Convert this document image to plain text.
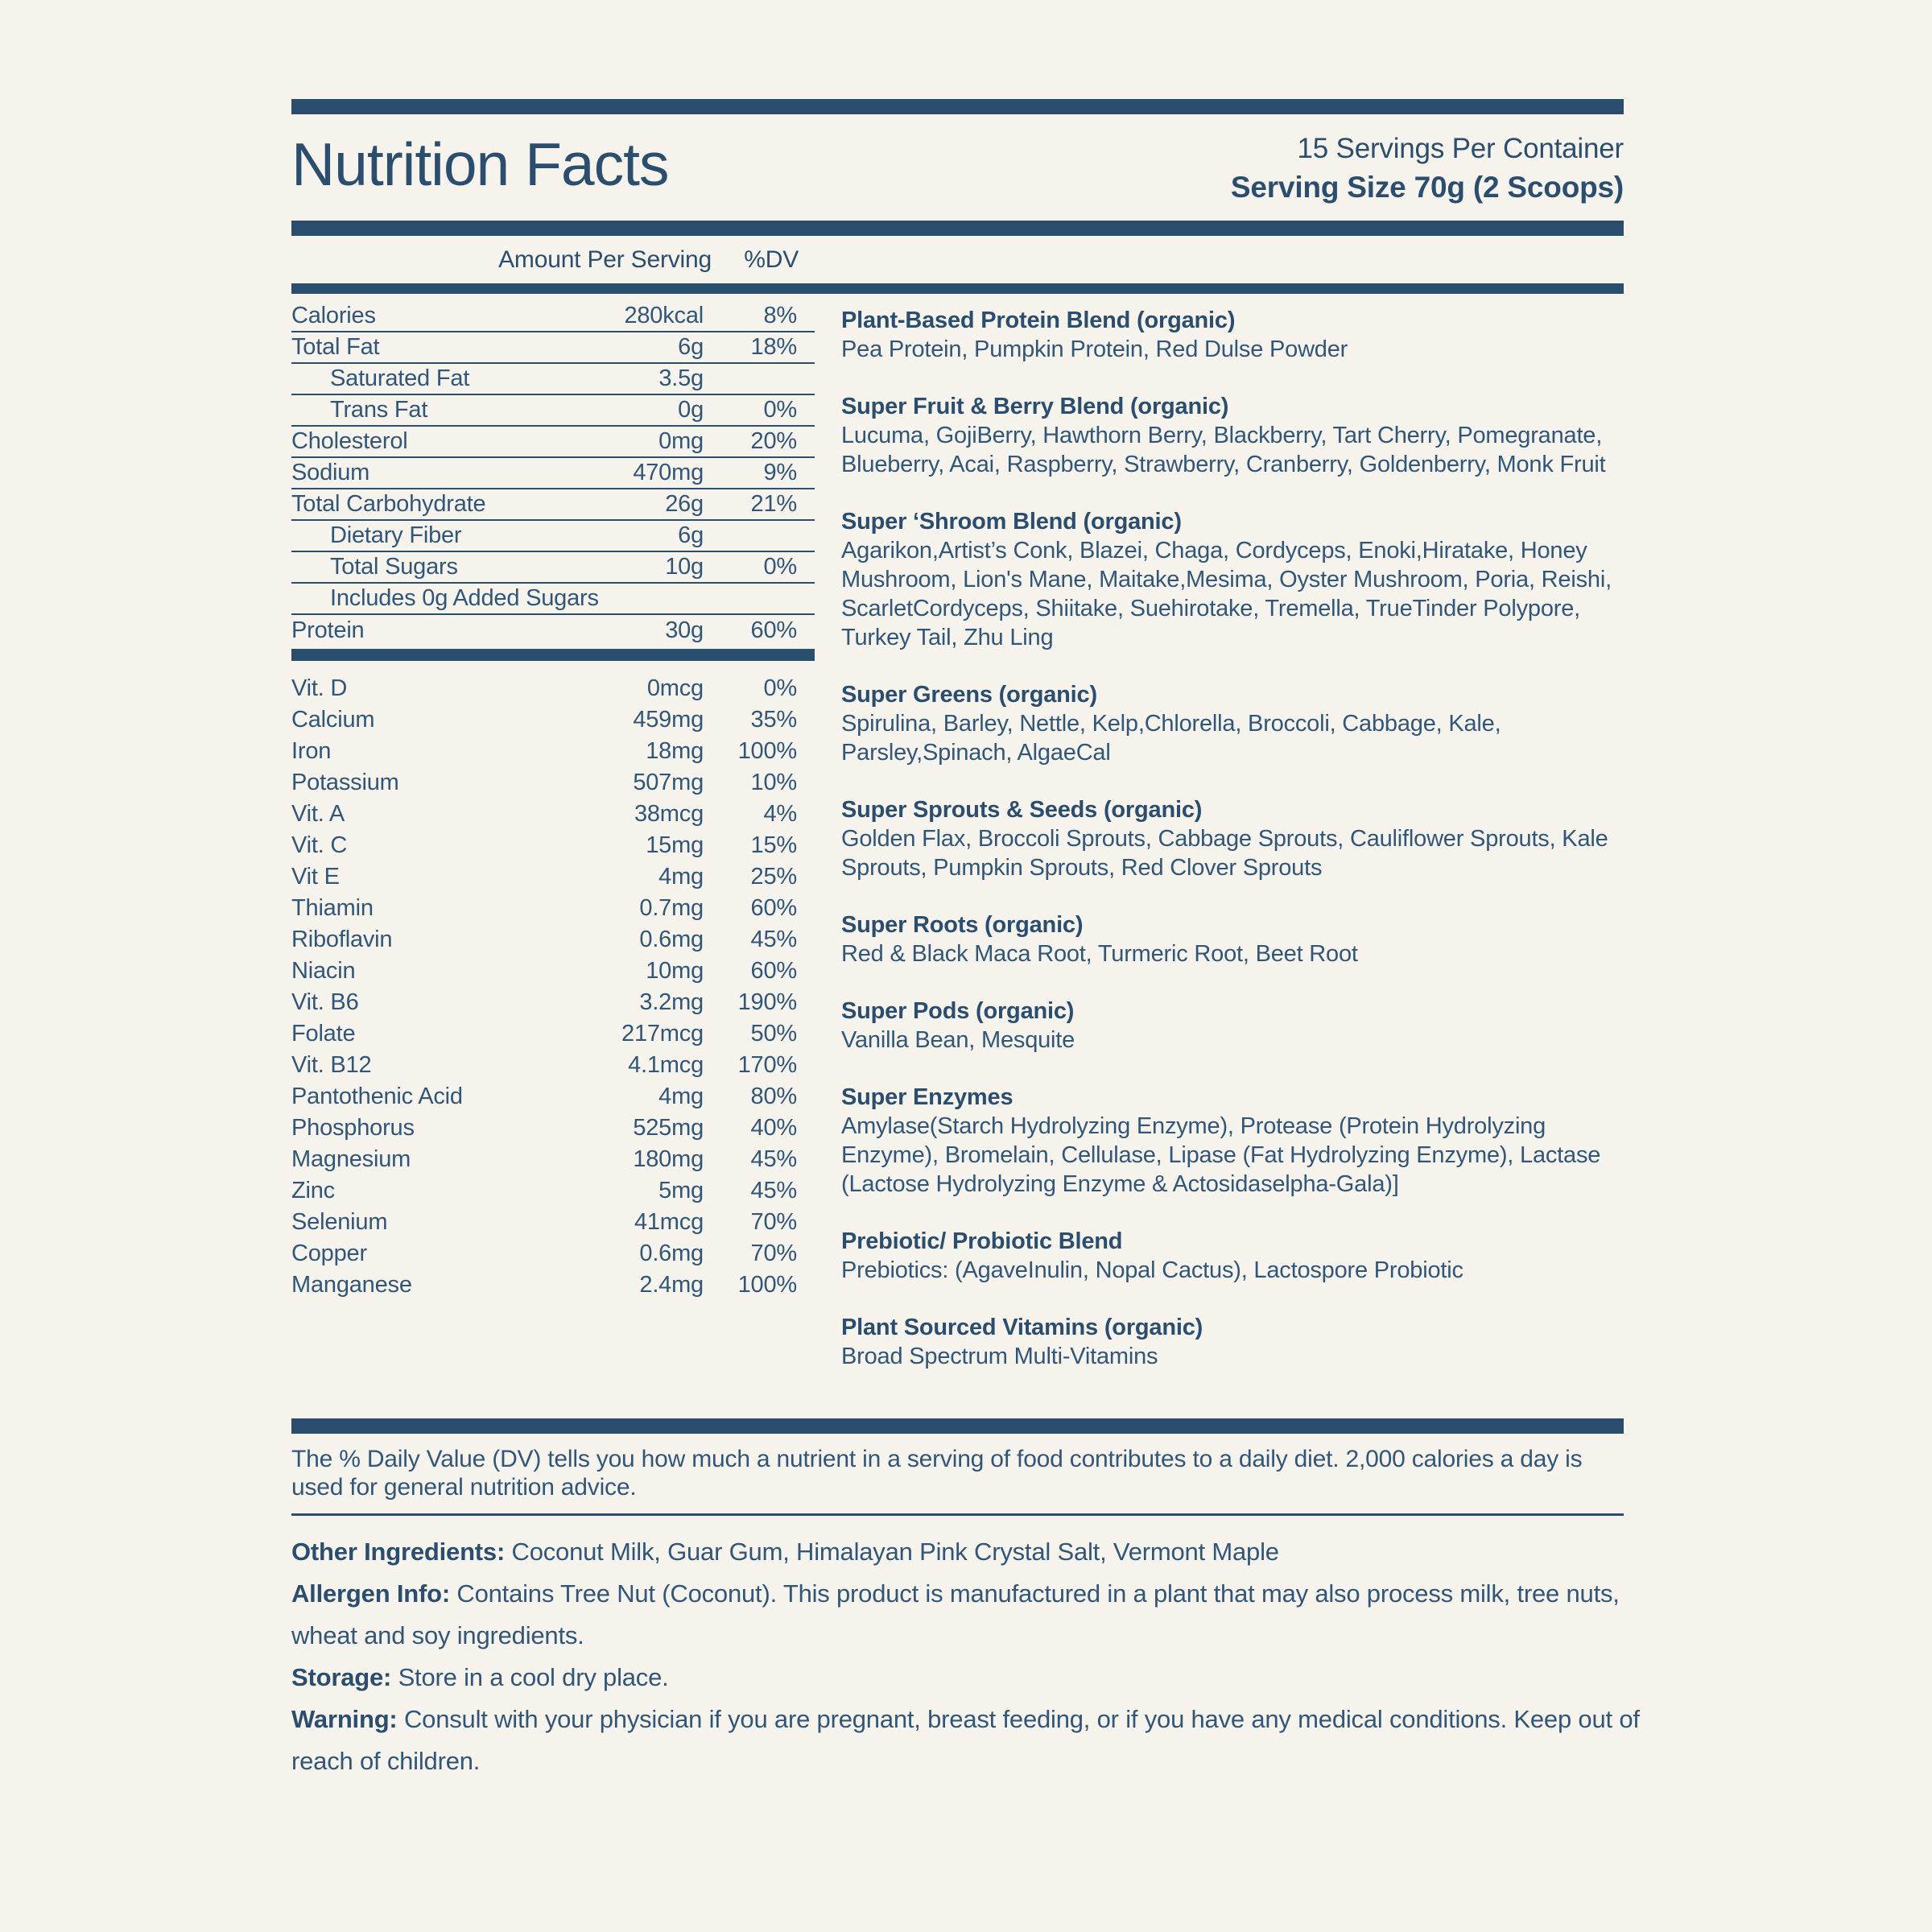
Nutrition Facts	15 Servings Per Container
Serving Size 70g (2 Scoops)
Amount Per Serving %DV
Calories	280kcal	8%
Total Fat	6g	18%
Saturated Fat	3.5g
Trans Fat	0g	0%
Cholesterol	0mg	20%
Sodium	470mg	9%
Total Carbohydrate	26g	21%
Dietary Fiber	6g
Total Sugars	10g	0%
Includes 0g Added Sugars
Protein	30g	60%
Vit. D	0mcg	0%
Calcium	459mg	35%
Iron	18mg	100%
Potassium	507mg	10%
Vit. A	38mcg	4%
Vit. C	15mg	15%
Vit E	4mg	25%
Thiamin	0.7mg	60%
Riboflavin	0.6mg	45%
Niacin	10mg	60%
Vit. B6	3.2mg	190%
Folate	217mcg	50%
Vit. B12	4.1mcg	170%
Pantothenic Acid	4mg	80%
Phosphorus	525mg	40%
Magnesium	180mg	45%
Zinc	5mg	45%
Selenium	41mcg	70%
Copper	0.6mg	70%
Manganese	2.4mg	100%
Plant-Based Protein Blend (organic)
Pea Protein, Pumpkin Protein, Red Dulse Powder
Super Fruit & Berry Blend (organic)
Lucuma, GojiBerry, Hawthorn Berry, Blackberry, Tart Cherry, Pomegranate,
Blueberry, Acai, Raspberry, Strawberry, Cranberry, Goldenberry, Monk Fruit
Super ‘Shroom Blend (organic)
Agarikon,Artist’s Conk, Blazei, Chaga, Cordyceps, Enoki,Hiratake, Honey
Mushroom, Lion's Mane, Maitake,Mesima, Oyster Mushroom, Poria, Reishi,
ScarletCordyceps, Shiitake, Suehirotake, Tremella, TrueTinder Polypore,
Turkey Tail, Zhu Ling
Super Greens (organic)
Spirulina, Barley, Nettle, Kelp,Chlorella, Broccoli, Cabbage, Kale,
Parsley,Spinach, AlgaeCal
Super Sprouts & Seeds (organic)
Golden Flax, Broccoli Sprouts, Cabbage Sprouts, Cauliflower Sprouts, Kale
Sprouts, Pumpkin Sprouts, Red Clover Sprouts
Super Roots (organic)
Red & Black Maca Root, Turmeric Root, Beet Root
Super Pods (organic)
Vanilla Bean, Mesquite
Super Enzymes
Amylase(Starch Hydrolyzing Enzyme), Protease (Protein Hydrolyzing
Enzyme), Bromelain, Cellulase, Lipase (Fat Hydrolyzing Enzyme), Lactase
(Lactose Hydrolyzing Enzyme & Actosidaselpha-Gala)]
Prebiotic/ Probiotic Blend
Prebiotics: (AgaveInulin, Nopal Cactus), Lactospore Probiotic
Plant Sourced Vitamins (organic)
Broad Spectrum Multi-Vitamins
The % Daily Value (DV) tells you how much a nutrient in a serving of food contributes to a daily diet. 2,000 calories a day is
used for general nutrition advice.
Other Ingredients: Coconut Milk, Guar Gum, Himalayan Pink Crystal Salt, Vermont Maple
Allergen Info: Contains Tree Nut (Coconut). This product is manufactured in a plant that may also process milk, tree nuts,
wheat and soy ingredients.
Storage: Store in a cool dry place.
Warning: Consult with your physician if you are pregnant, breast feeding, or if you have any medical conditions. Keep out of
reach of children.
